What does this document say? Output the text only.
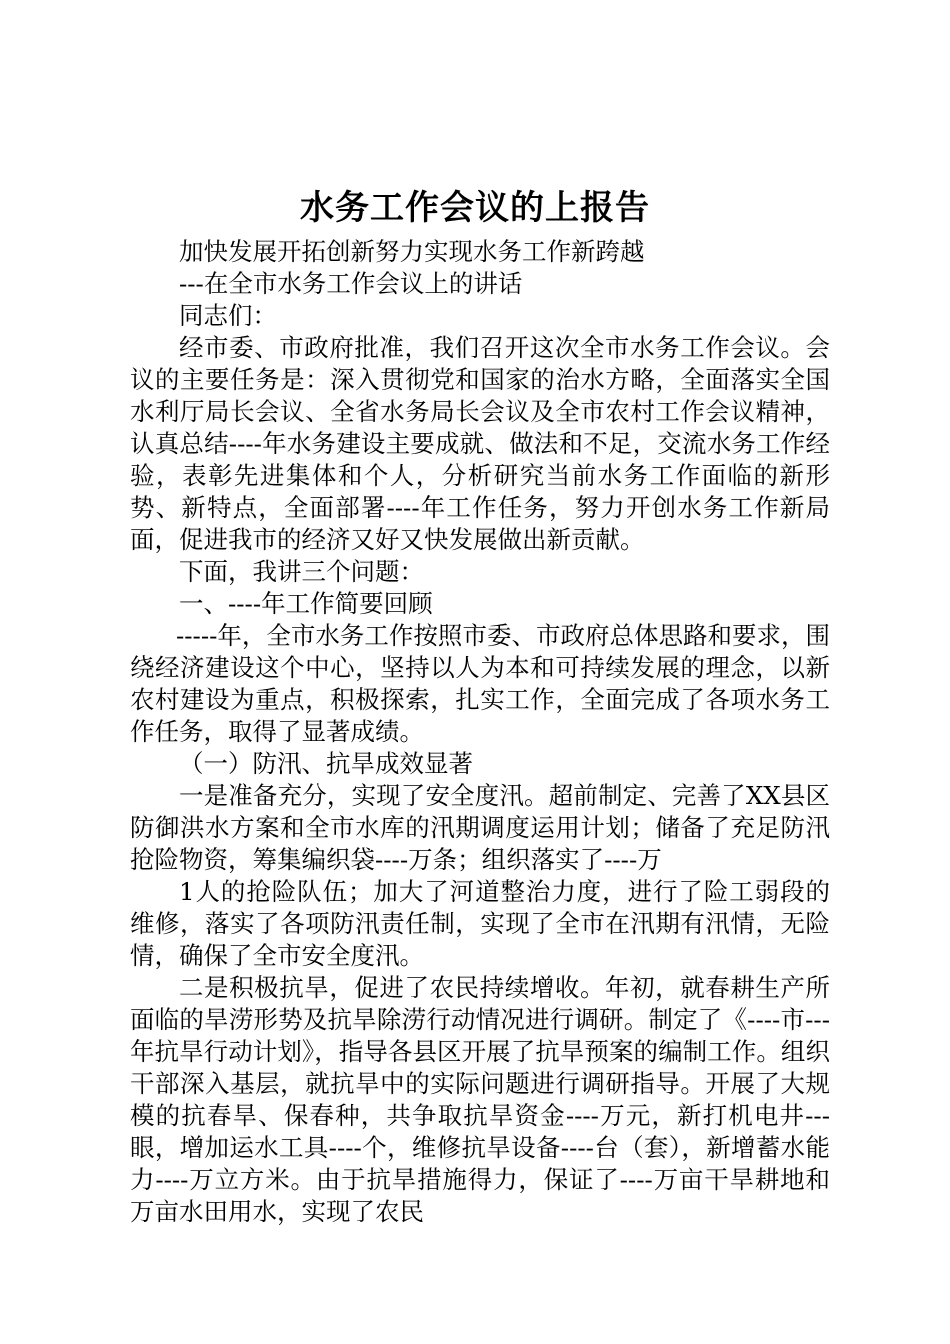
水务工作会议的上报告

加快发展开拓创新努力实现水务工作新跨越

---在全市水务工作会议上的讲话

同志们：

经市委、市政府批准，我们召开这次全市水务工作会议。会议的主要任务是：深入贯彻党和国家的治水方略，全面落实全国水利厅局长会议、全省水务局长会议及全市农村工作会议精神，认真总结----年水务建设主要成就、做法和不足，交流水务工作经验，表彰先进集体和个人，分析研究当前水务工作面临的新形势、新特点，全面部署----年工作任务，努力开创水务工作新局面，促进我市的经济又好又快发展做出新贡献。

下面，我讲三个问题：

一、----年工作简要回顾

-----年，全市水务工作按照市委、市政府总体思路和要求，围绕经济建设这个中心，坚持以人为本和可持续发展的理念，以新农村建设为重点，积极探索，扎实工作，全面完成了各项水务工作任务，取得了显著成绩。

（一）防汛、抗旱成效显著

一是准备充分，实现了安全度汛。超前制定、完善了XX县区防御洪水方案和全市水库的汛期调度运用计划；储备了充足防汛抢险物资，筹集编织袋----万条；组织落实了----万

1人的抢险队伍；加大了河道整治力度，进行了险工弱段的维修，落实了各项防汛责任制，实现了全市在汛期有汛情，无险情，确保了全市安全度汛。

二是积极抗旱，促进了农民持续增收。年初，就春耕生产所面临的旱涝形势及抗旱除涝行动情况进行调研。制定了《----市---年抗旱行动计划》，指导各县区开展了抗旱预案的编制工作。组织干部深入基层，就抗旱中的实际问题进行调研指导。开展了大规模的抗春旱、保春种，共争取抗旱资金----万元，新打机电井---眼，增加运水工具----个，维修抗旱设备----台（套），新增蓄水能力----万立方米。由于抗旱措施得力，保证了----万亩干旱耕地和万亩水田用水，实现了农民
